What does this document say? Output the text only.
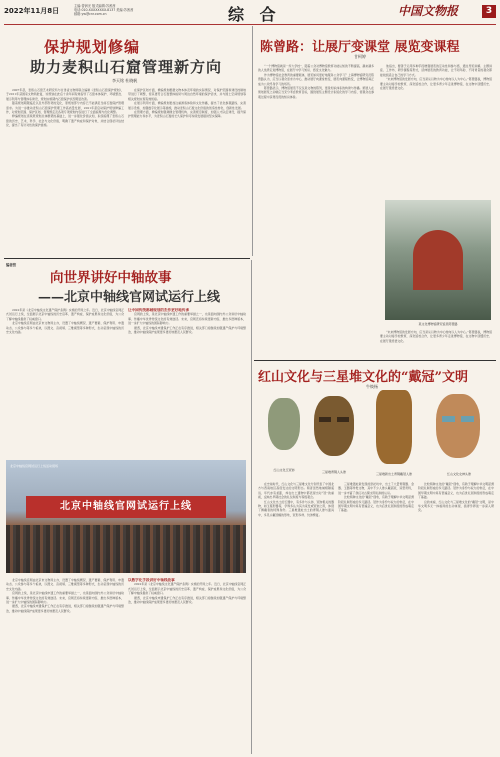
2022年11月8日
主编:曾润光 版式编辑:苏茜茜
电话:010-XXXXXXXX-8137 美编:苏茜茜
邮箱:yw@cnr.com.cn	综 合	中国文物报	3
保护规划修编
助力麦积山石窟管理新方向
李天铭 杜晓帆
2007年起，麦积山石窟艺术研究所与甘肃省文物局联合编制《麦积山石窟保护规划》，于2011年获国家文物局批复，该规划在此后十余年间有效指导了石窟本体保护、环境整治、展示利用与管理体系建设，规划实施期内石窟保护状况明显改善。
随着规划期限临近以及外部形势的变化，原规划部分内容已不能满足当前石窟保护管理需求。为进一步推动麦积山石窟保护管理工作高质量发展，2021年起启动保护规划修编工作，对规划范围、保护区划、管理规定及各项专项规划内容进行了全面梳理与优化调整。
修编规划在延续原规划总体框架的基础上，进一步强化价值认知，系统梳理了麦积山石窟的历史、艺术、科学、社会与文化价值，明确了遗产构成和保护对象，并结合现状评估结论，提出了有针对性的保护措施。
在保护区划方面，修编规划根据文物本体及环境的实际情况，对保护范围和建设控制地带进行了调整，使其更符合石窟整体格局与周边自然环境的保护需求，并与国土空间规划等相关规划实现有效衔接。
在展示利用方面，修编规划更加注重游客体验和文化传播，提出了优化参观路线、完善展示设施、加强数字化展示等措施，推动麦积山石窟文化价值的创造性转化、创新性发展。
在管理方面，修编规划强调健全管理机构、完善规章制度、加强人才队伍建设，提升保护管理能力和水平，为麦积山石窟的长久保护和可持续发展提供坚实保障。
陈曾路：让展厅变课堂 展览变课程
甘柯婷
“一个博物馆就是一所大学校”，随着公众对博物馆教育功能认知的不断提高，越来越多的人选择走进博物馆，在展厅中学习知识、感受文化魅力。
作为博物馆社会教育的重要载体，展览如何更好地服务公众学习？上海博物馆研究员陈曾路认为，应当以观众需求为中心，推动展厅向课堂转变、展览向课程转变，让博物馆真正成为公众终身学习的场所。
陈曾路表示，博物馆展览不仅仅是文物的陈列，更是知识体系的构建与传播。策展人在策划展览之初就应当充分考虑教育目标，围绕展览主题设计系统化的学习内容，使观众在参观过程中获得连贯的知识体验。
他指出，要善于运用多种手段增强展览的互动性和参与感，通过导览讲解、主题讲座、工作坊、研学课程等形式，延伸展览的教育功能，让不同年龄、不同背景的观众都能找到适合自己的学习方式。
“未来博物馆的发展方向，应当是从以物为中心转向以人为中心。”陈曾路说，博物馆要主动对接学校教育，深化馆校合作，让更多青少年走进博物馆，在文物中读懂历史、在展厅里感悟文化。
某文化博物馆研究馆员陈曾路
“未来博物馆的发展方向，应当是从以物为中心转向以人为中心。”陈曾路说，博物馆要主动对接学校教育，深化馆校合作，让更多青少年走进博物馆，在文物中读懂历史、在展厅里感悟文化。
编者按
向世界讲好中轴故事
——北京中轴线官网试运行上线
2022年是《北京中轴线文化遗产保护条例》实施的开局之年。近日，北京中轴线官网正式试运行上线，全面展示北京中轴线的历史沿革、遗产构成、保护成果和文化价值，为公众了解中轴线提供了权威窗口。
北京中轴线官网由北京市文物局主办，设置了中轴线概况、遗产要素、保护利用、申遗动态、公众参与等多个板块，以图文、音视频、三维模型等多种形式，生动呈现中轴线的历史文化内涵。
让中国传统都城规划的杰作更好地传承
官网的上线，是北京中轴线申遗工作的重要举措之一，也是面向国内外公众讲好中轴故事、传播中华优秀传统文化的有效途径。未来，官网还将持续更新内容，推出多语种版本，进一步扩大中轴线的国际影响力。
据悉，北京中轴线申遗保护工作正在有序推进，相关部门将继续加强遗产保护与环境整治，推动中轴线保护成果更多更好地惠及人民群众。
北京中轴线官网试运行上线活动现场
北京中轴线官网试运行上线
北京中轴线官网由北京市文物局主办，设置了中轴线概况、遗产要素、保护利用、申遗动态、公众参与等多个板块，以图文、音视频、三维模型等多种形式，生动呈现中轴线的历史文化内涵。
官网的上线，是北京中轴线申遗工作的重要举措之一，也是面向国内外公众讲好中轴故事、传播中华优秀传统文化的有效途径。未来，官网还将持续更新内容，推出多语种版本，进一步扩大中轴线的国际影响力。
据悉，北京中轴线申遗保护工作正在有序推进，相关部门将继续加强遗产保护与环境整治，推动中轴线保护成果更多更好地惠及人民群众。
以数字化手段讲好中轴线故事
2022年是《北京中轴线文化遗产保护条例》实施的开局之年。近日，北京中轴线官网正式试运行上线，全面展示北京中轴线的历史沿革、遗产构成、保护成果和文化价值，为公众了解中轴线提供了权威窗口。
据悉，北京中轴线申遗保护工作正在有序推进，相关部门将继续加强遗产保护与环境整治，推动中轴线保护成果更多更好地惠及人民群众。
红山文化与三星堆文化的“戴冠”文明
牛焕杨
红山文化玉冠饰	三星堆青铜人头像	三星堆新出土青铜戴冠人像	红山文化女神头像
在史前时代，红山文化与三星堆文化分别代表了中国北方与西南地区高度发达的文明形态。两者虽然地域相隔遥远、年代亦有差距，却在出土遗物中都表现出对“冠”的重视，反映出早期社会的礼仪制度与等级观念。
红山文化出土的玉器中，有多件与头饰、冠饰相关的器物，如玉箍形器等，学界多认为其为束发或冠饰之用，体现了佩戴者的特殊身份。三星堆遗址出土的青铜人像与面具中，多见头戴冠帽的形象，冠形多样、纹饰繁复。
三星堆遗址新发现的祭祀坑中，出土了大量青铜器、金器、玉器等珍贵文物，其中不少人像头戴高冠，造型奇特，进一步丰富了我们对古蜀文明礼制的认识。
比较两种文化的“戴冠”现象，有助于理解中华文明起源阶段礼制形成的多元路径。冠作为身份与权力的象征，在中国早期文明中具有普遍意义，也为后世礼冠制度的形成奠定了基础。
比较两种文化的“戴冠”现象，有助于理解中华文明起源阶段礼制形成的多元路径。冠作为身份与权力的象征，在中国早期文明中具有普遍意义，也为后世礼冠制度的形成奠定了基础。
总的来看，红山文化与三星堆文化的“戴冠”文明，是中华文明多元一体格局的生动体现，值得学界进一步深入研究。
